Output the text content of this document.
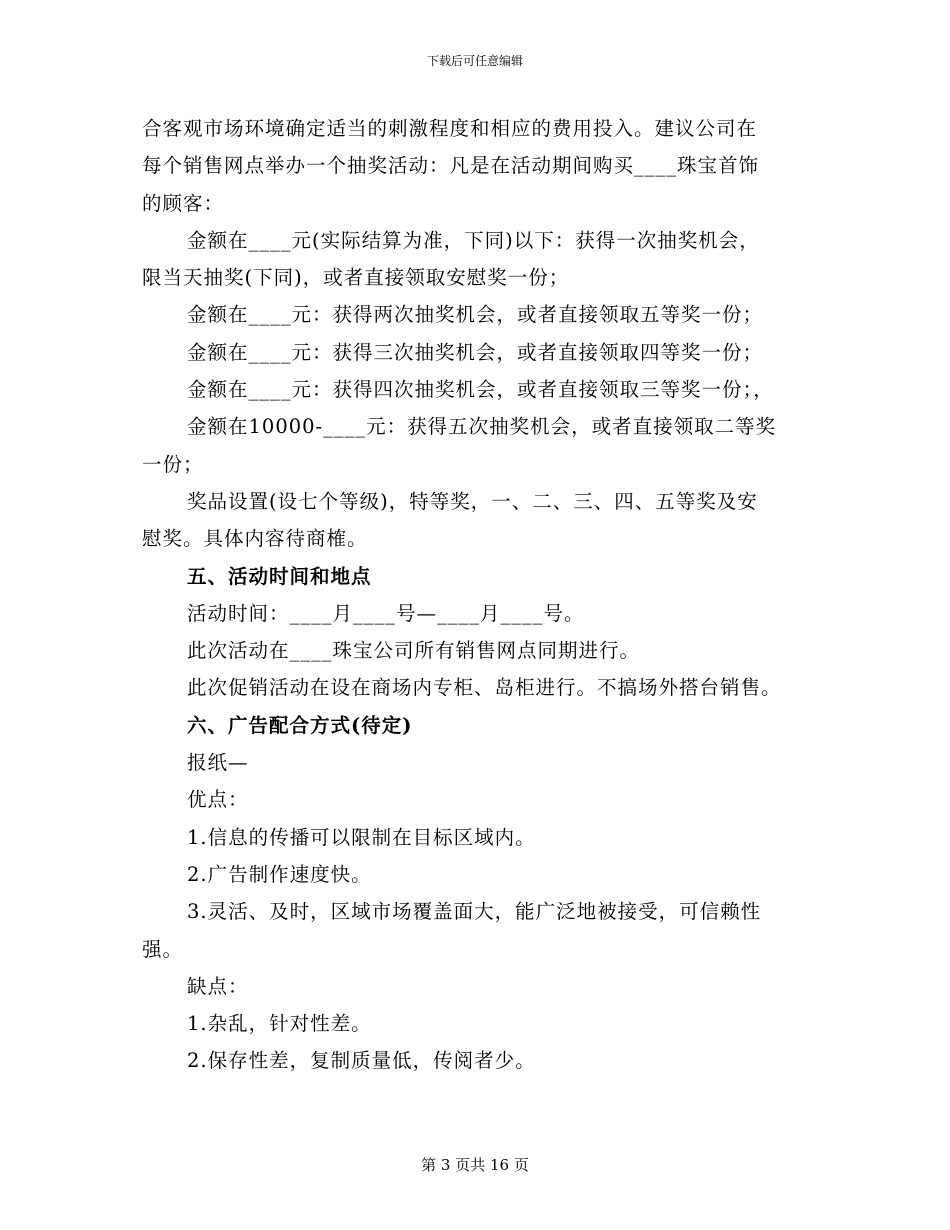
下载后可任意编辑

合客观市场环境确定适当的刺激程度和相应的费用投入。建议公司在

每个销售网点举办一个抽奖活动：凡是在活动期间购买____珠宝首饰

的顾客：

金额在____元(实际结算为准，下同)以下：获得一次抽奖机会，

限当天抽奖(下同)，或者直接领取安慰奖一份；

金额在____元：获得两次抽奖机会，或者直接领取五等奖一份；

金额在____元：获得三次抽奖机会，或者直接领取四等奖一份；

金额在____元：获得四次抽奖机会，或者直接领取三等奖一份；，

金额在10000-____元：获得五次抽奖机会，或者直接领取二等奖

一份；

奖品设置(设七个等级)，特等奖，一、二、三、四、五等奖及安

慰奖。具体内容待商榷。

五、活动时间和地点

活动时间：____月____号—____月____号。

此次活动在____珠宝公司所有销售网点同期进行。

此次促销活动在设在商场内专柜、岛柜进行。不搞场外搭台销售。

六、广告配合方式(待定)

报纸—

优点：

1.信息的传播可以限制在目标区域内。

2.广告制作速度快。

3.灵活、及时，区域市场覆盖面大，能广泛地被接受，可信赖性

强。

缺点：

1.杂乱，针对性差。

2.保存性差，复制质量低，传阅者少。

第 3 页共 16 页
